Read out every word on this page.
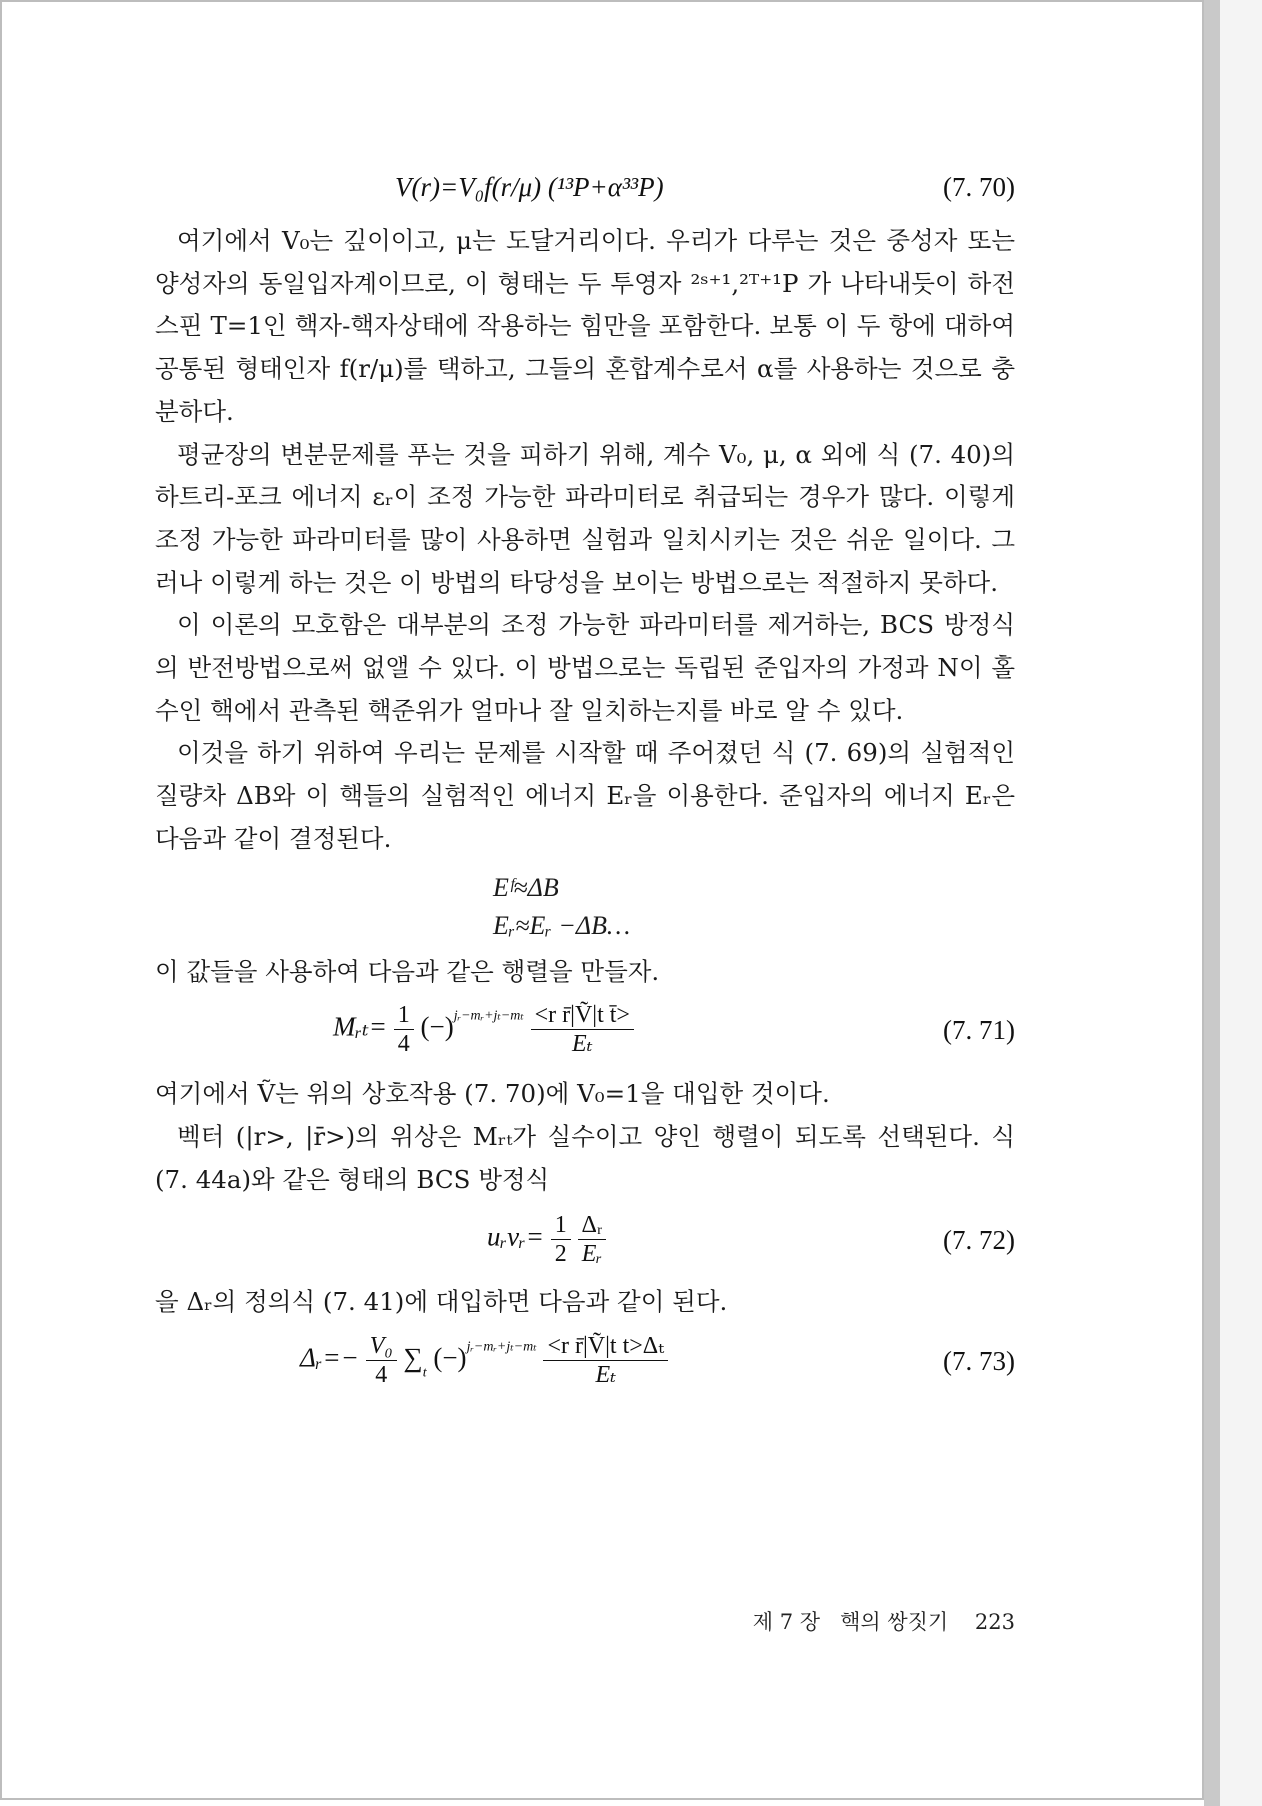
V(r)=V₀f(r/μ) (¹³P+α³³P)	(7. 70)

여기에서 V₀는 깊이이고, μ는 도달거리이다. 우리가 다루는 것은 중성자 또는 양성자의 동일입자계이므로, 이 형태는 두 투영자 ²ˢ⁺¹,²ᵀ⁺¹P 가 나타내듯이 하전스핀 T=1인 핵자-핵자상태에 작용하는 힘만을 포함한다. 보통 이 두 항에 대하여 공통된 형태인자 f(r/μ)를 택하고, 그들의 혼합계수로서 α를 사용하는 것으로 충분하다.

평균장의 변분문제를 푸는 것을 피하기 위해, 계수 V₀, μ, α 외에 식 (7. 40)의 하트리-포크 에너지 εᵣ이 조정 가능한 파라미터로 취급되는 경우가 많다. 이렇게 조정 가능한 파라미터를 많이 사용하면 실험과 일치시키는 것은 쉬운 일이다. 그러나 이렇게 하는 것은 이 방법의 타당성을 보이는 방법으로는 적절하지 못하다.

이 이론의 모호함은 대부분의 조정 가능한 파라미터를 제거하는, BCS 방정식의 반전방법으로써 없앨 수 있다. 이 방법으로는 독립된 준입자의 가정과 N이 홀수인 핵에서 관측된 핵준위가 얼마나 잘 일치하는지를 바로 알 수 있다.

이것을 하기 위하여 우리는 문제를 시작할 때 주어졌던 식 (7. 69)의 실험적인 질량차 ΔB와 이 핵들의 실험적인 에너지 Eᵣ을 이용한다. 준입자의 에너지 Eᵣ은 다음과 같이 결정된다.

Eᶠ≈ΔB
Eᵣ≈Eᵣ −ΔB…

이 값들을 사용하여 다음과 같은 행렬을 만들자.

Mᵣₜ= $\frac{1}{4} (-)^{jᵣ-mᵣ+j_t-m_t} \frac{\text{<r r̄|Ṽ|t t̄>}}{\text{Eₜ}}$	(7. 71)

여기에서 Ṽ는 위의 상호작용 (7. 70)에 V₀=1을 대입한 것이다.

벡터 (|r>, |r̄>)의 위상은 Mᵣₜ가 실수이고 양인 행렬이 되도록 선택된다. 식 (7. 44a)와 같은 형태의 BCS 방정식

uᵣvᵣ= $\frac{1}{2}$
$\frac{\text{Δᵣ}}{\text{Eᵣ}}$	(7. 72)

을 Δᵣ의 정의식 (7. 41)에 대입하면 다음과 같이 된다.

Δᵣ=− $\frac{\text{V₀}}{4} \sum_t$ $(-)^{jᵣ-mᵣ+j_t-m_t} \frac{\text{<r r̄|Ṽ|t t>Δₜ}}{\text{Eₜ}}$	(7. 73)
제 7 장 핵의 쌍짓기 223
